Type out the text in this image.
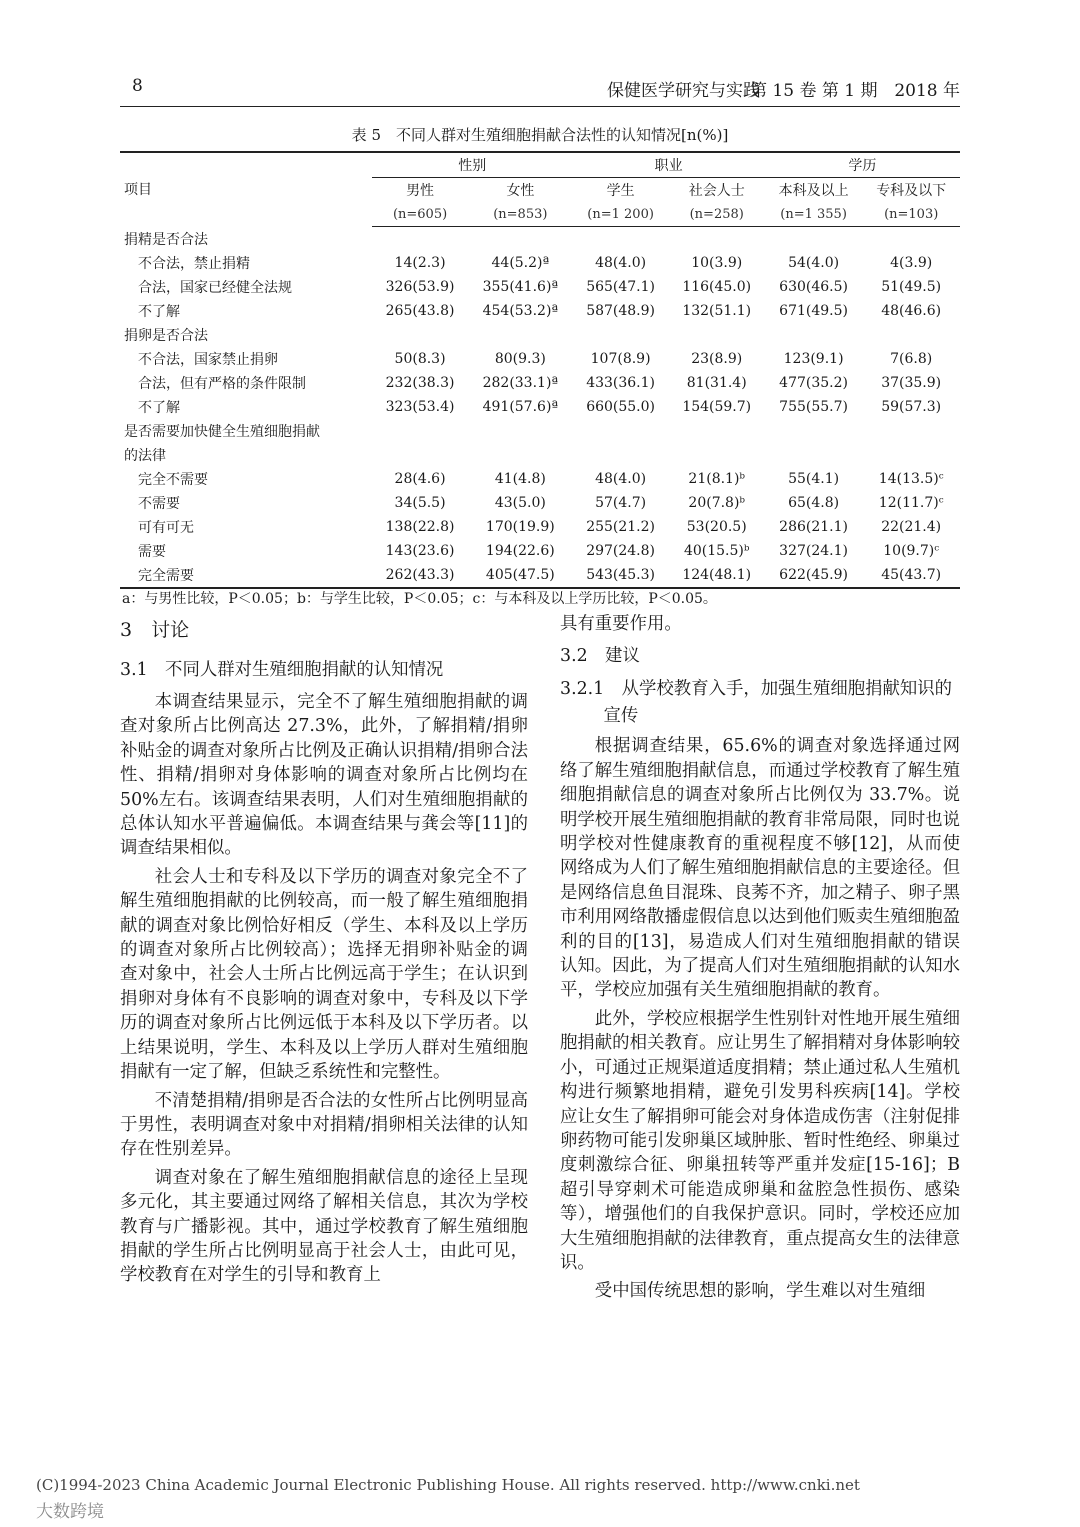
8	保健医学研究与实践
第 15 卷 第 1 期 2018 年
表 5　不同人群对生殖细胞捐献合法性的认知情况[n(%)]
项目	性别		职业		学历	
	男性	女性	学生	社会人士	本科及以上	专科及以下
	(n=605)	(n=853)	(n=1 200)	(n=258)	(n=1 355)	(n=103)
捐精是否合法						
不合法，禁止捐精	14(2.3)	44(5.2)ª	48(4.0)	10(3.9)	54(4.0)	4(3.9)
合法，国家已经健全法规	326(53.9)	355(41.6)ª	565(47.1)	116(45.0)	630(46.5)	51(49.5)
不了解	265(43.8)	454(53.2)ª	587(48.9)	132(51.1)	671(49.5)	48(46.6)
捐卵是否合法						
不合法，国家禁止捐卵	50(8.3)	80(9.3)	107(8.9)	23(8.9)	123(9.1)	7(6.8)
合法，但有严格的条件限制	232(38.3)	282(33.1)ª	433(36.1)	81(31.4)	477(35.2)	37(35.9)
不了解	323(53.4)	491(57.6)ª	660(55.0)	154(59.7)	755(55.7)	59(57.3)
是否需要加快健全生殖细胞捐献						
的法律						
完全不需要	28(4.6)	41(4.8)	48(4.0)	21(8.1)ᵇ	55(4.1)	14(13.5)ᶜ
不需要	34(5.5)	43(5.0)	57(4.7)	20(7.8)ᵇ	65(4.8)	12(11.7)ᶜ
可有可无	138(22.8)	170(19.9)	255(21.2)	53(20.5)	286(21.1)	22(21.4)
需要	143(23.6)	194(22.6)	297(24.8)	40(15.5)ᵇ	327(24.1)	10(9.7)ᶜ
完全需要	262(43.3)	405(47.5)	543(45.3)	124(48.1)	622(45.9)	45(43.7)
a：与男性比较，P＜0.05；b：与学生比较，P＜0.05；c：与本科及以上学历比较，P＜0.05。
3　讨论
3.1　不同人群对生殖细胞捐献的认知情况

本调查结果显示，完全不了解生殖细胞捐献的调查对象所占比例高达 27.3%，此外，了解捐精/捐卵补贴金的调查对象所占比例及正确认识捐精/捐卵合法性、捐精/捐卵对身体影响的调查对象所占比例均在 50%左右。该调查结果表明，人们对生殖细胞捐献的总体认知水平普遍偏低。本调查结果与龚会等[11]的调查结果相似。

社会人士和专科及以下学历的调查对象完全不了解生殖细胞捐献的比例较高，而一般了解生殖细胞捐献的调查对象比例恰好相反（学生、本科及以上学历的调查对象所占比例较高）；选择无捐卵补贴金的调查对象中，社会人士所占比例远高于学生；在认识到捐卵对身体有不良影响的调查对象中，专科及以下学历的调查对象所占比例远低于本科及以下学历者。以上结果说明，学生、本科及以上学历人群对生殖细胞捐献有一定了解，但缺乏系统性和完整性。

不清楚捐精/捐卵是否合法的女性所占比例明显高于男性，表明调查对象中对捐精/捐卵相关法律的认知存在性别差异。

调查对象在了解生殖细胞捐献信息的途径上呈现多元化，其主要通过网络了解相关信息，其次为学校教育与广播影视。其中，通过学校教育了解生殖细胞捐献的学生所占比例明显高于社会人士，由此可见，学校教育在对学生的引导和教育上

具有重要作用。

3.2　建议
3.2.1　从学校教育入手，加强生殖细胞捐献知识的宣传

根据调查结果，65.6%的调查对象选择通过网络了解生殖细胞捐献信息，而通过学校教育了解生殖细胞捐献信息的调查对象所占比例仅为 33.7%。说明学校开展生殖细胞捐献的教育非常局限，同时也说明学校对性健康教育的重视程度不够[12]，从而使网络成为人们了解生殖细胞捐献信息的主要途径。但是网络信息鱼目混珠、良莠不齐，加之精子、卵子黑市利用网络散播虚假信息以达到他们贩卖生殖细胞盈利的目的[13]，易造成人们对生殖细胞捐献的错误认知。因此，为了提高人们对生殖细胞捐献的认知水平，学校应加强有关生殖细胞捐献的教育。

此外，学校应根据学生性别针对性地开展生殖细胞捐献的相关教育。应让男生了解捐精对身体影响较小，可通过正规渠道适度捐精；禁止通过私人生殖机构进行频繁地捐精，避免引发男科疾病[14]。学校应让女生了解捐卵可能会对身体造成伤害（注射促排卵药物可能引发卵巢区域肿胀、暂时性绝经、卵巢过度刺激综合征、卵巢扭转等严重并发症[15-16]；B 超引导穿刺术可能造成卵巢和盆腔急性损伤、感染等），增强他们的自我保护意识。同时，学校还应加大生殖细胞捐献的法律教育，重点提高女生的法律意识。

受中国传统思想的影响，学生难以对生殖细

(C)1994-2023 China Academic Journal Electronic Publishing House. All rights reserved. http://www.cnki.net
大数跨境
